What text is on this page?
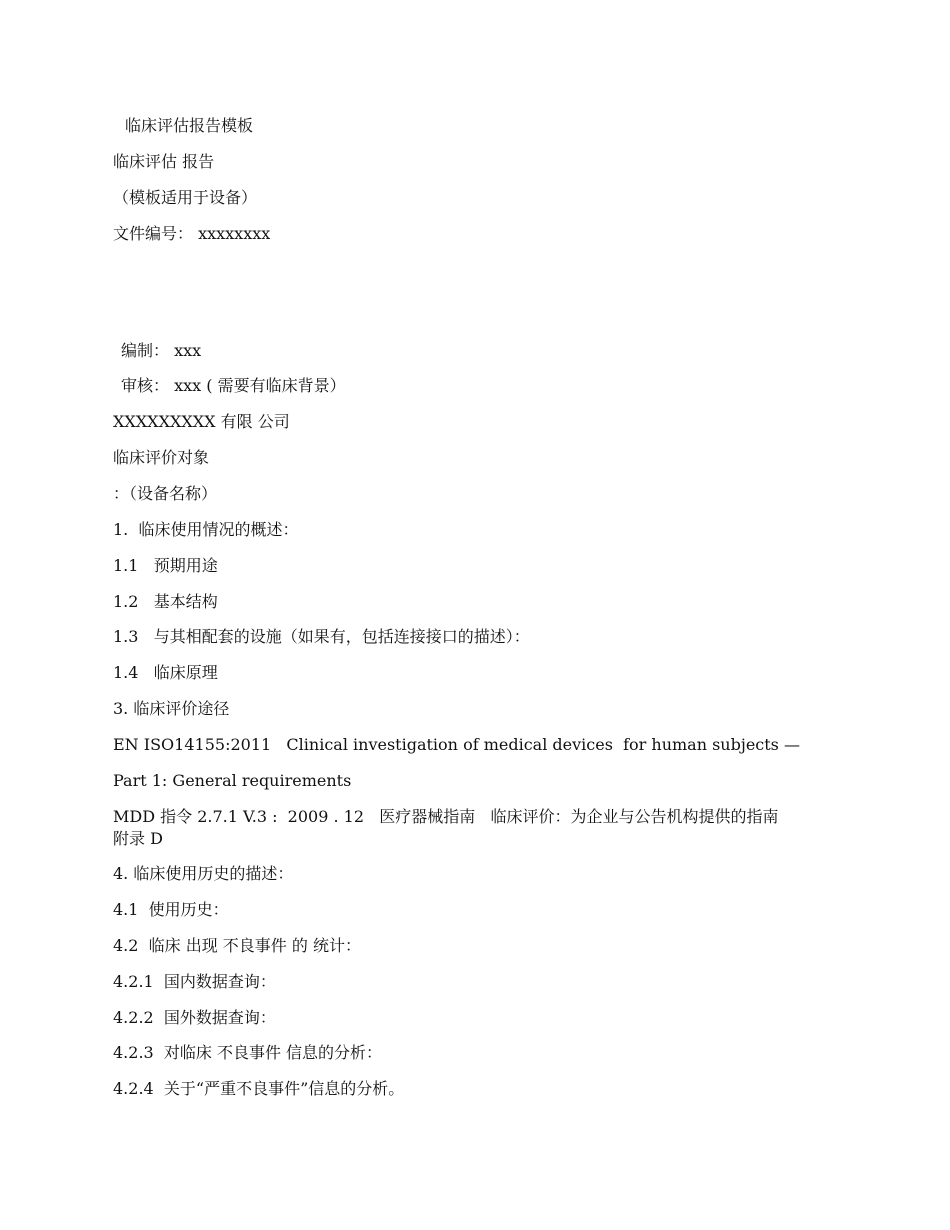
临床评估报告模板

临床评估 报告

（模板适用于设备）

文件编号： xxxxxxxx

编制： xxx

审核： xxx ( 需要有临床背景）

XXXXXXXXX 有限 公司

临床评价对象

：（设备名称）

1.  临床使用情况的概述：

1.1   预期用途

1.2   基本结构

1.3   与其相配套的设施（如果有，包括连接接口的描述）：

1.4   临床原理

3. 临床评价途径

EN ISO14155:2011   Clinical investigation of medical devices  for human subjects —

Part 1: General requirements

MDD 指令 2.7.1 V.3 :  2009 . 12   医疗器械指南   临床评价：为企业与公告机构提供的指南

附录 D

4. 临床使用历史的描述：

4.1  使用历史：

4.2  临床 出现 不良事件 的 统计：

4.2.1  国内数据查询：

4.2.2  国外数据查询：

4.2.3  对临床 不良事件 信息的分析：

4.2.4  关于“严重不良事件”信息的分析。
